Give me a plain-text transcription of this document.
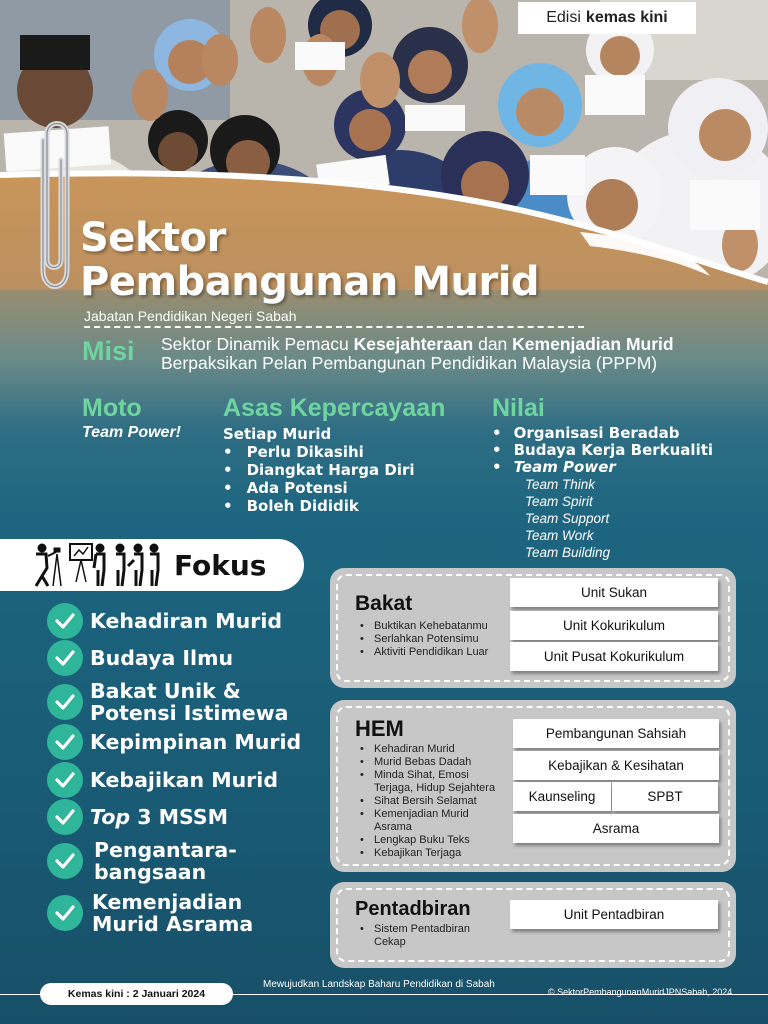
Edisi kemas kini
Sektor
Pembangunan Murid
Jabatan Pendidikan Negeri Sabah
Misi Sektor Dinamik Pemacu Kesejahteraan dan Kemenjadian Murid Berpaksikan Pelan Pembangunan Pendidikan Malaysia (PPPM)
Moto
Team Power!
Asas Kepercayaan
Setiap Murid
• Perlu Dikasihi
• Diangkat Harga Diri
• Ada Potensi
• Boleh Dididik
Nilai
• Organisasi Beradab
• Budaya Kerja Berkualiti
• Team Power
Team Think
Team Spirit
Team Support
Team Work
Team Building
Fokus
Kehadiran Murid
Budaya Ilmu
Bakat Unik &
Potensi Istimewa
Kepimpinan Murid
Kebajikan Murid
Top 3 MSSM
Pengantara-
bangsaan
Kemenjadian
Murid Asrama
Bakat
• Buktikan Kehebatanmu
• Serlahkan Potensimu
• Aktiviti Pendidikan Luar
Unit Sukan
Unit Kokurikulum
Unit Pusat Kokurikulum
HEM
• Kehadiran Murid
• Murid Bebas Dadah
• Minda Sihat, Emosi Terjaga, Hidup Sejahtera
• Sihat Bersih Selamat
• Kemenjadian Murid Asrama
• Lengkap Buku Teks
• Kebajikan Terjaga
Pembangunan Sahsiah
Kebajikan & Kesihatan
Kaunseling	SPBT
Asrama
Pentadbiran
• Sistem Pentadbiran Cekap
Unit Pentadbiran
Kemas kini : 2 Januari 2024
Mewujudkan Landskap Baharu Pendidikan di Sabah
© SektorPembangunanMuridJPNSabah, 2024
